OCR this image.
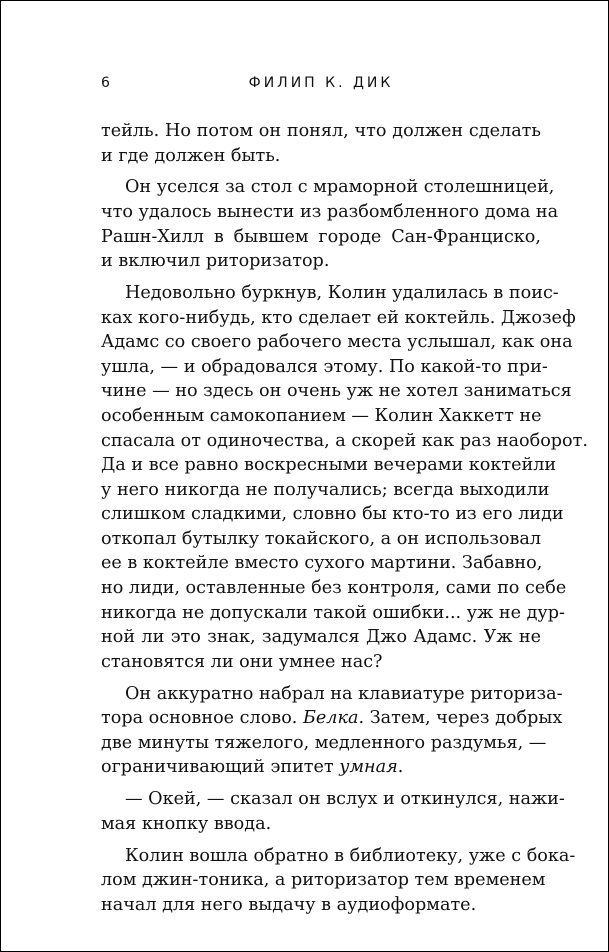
6	ФИЛИП К. ДИК
тейль. Но потом он понял, что должен сделать
и где должен быть.
Он уселся за стол с мраморной столешницей,
что удалось вынести из разбомбленного дома на
Рашн-Хилл в бывшем городе Сан-Франциско,
и включил риторизатор.
Недовольно буркнув, Колин удалилась в поис-
ках кого-нибудь, кто сделает ей коктейль. Джозеф
Адамс со своего рабочего места услышал, как она
ушла, — и обрадовался этому. По какой-то при-
чине — но здесь он очень уж не хотел заниматься
особенным самокопанием — Колин Хаккетт не
спасала от одиночества, а скорей как раз наоборот.
Да и все равно воскресными вечерами коктейли
у него никогда не получались; всегда выходили
слишком сладкими, словно бы кто-то из его лиди
откопал бутылку токайского, а он использовал
ее в коктейле вместо сухого мартини. Забавно,
но лиди, оставленные без контроля, сами по себе
никогда не допускали такой ошибки... уж не дур-
ной ли это знак, задумался Джо Адамс. Уж не
становятся ли они умнее нас?
Он аккуратно набрал на клавиатуре риториза-
тора основное слово. Белка. Затем, через добрых
две минуты тяжелого, медленного раздумья, —
ограничивающий эпитет умная.
— Окей, — сказал он вслух и откинулся, нажи-
мая кнопку ввода.
Колин вошла обратно в библиотеку, уже с бока-
лом джин-тоника, а риторизатор тем временем
начал для него выдачу в аудиоформате.
